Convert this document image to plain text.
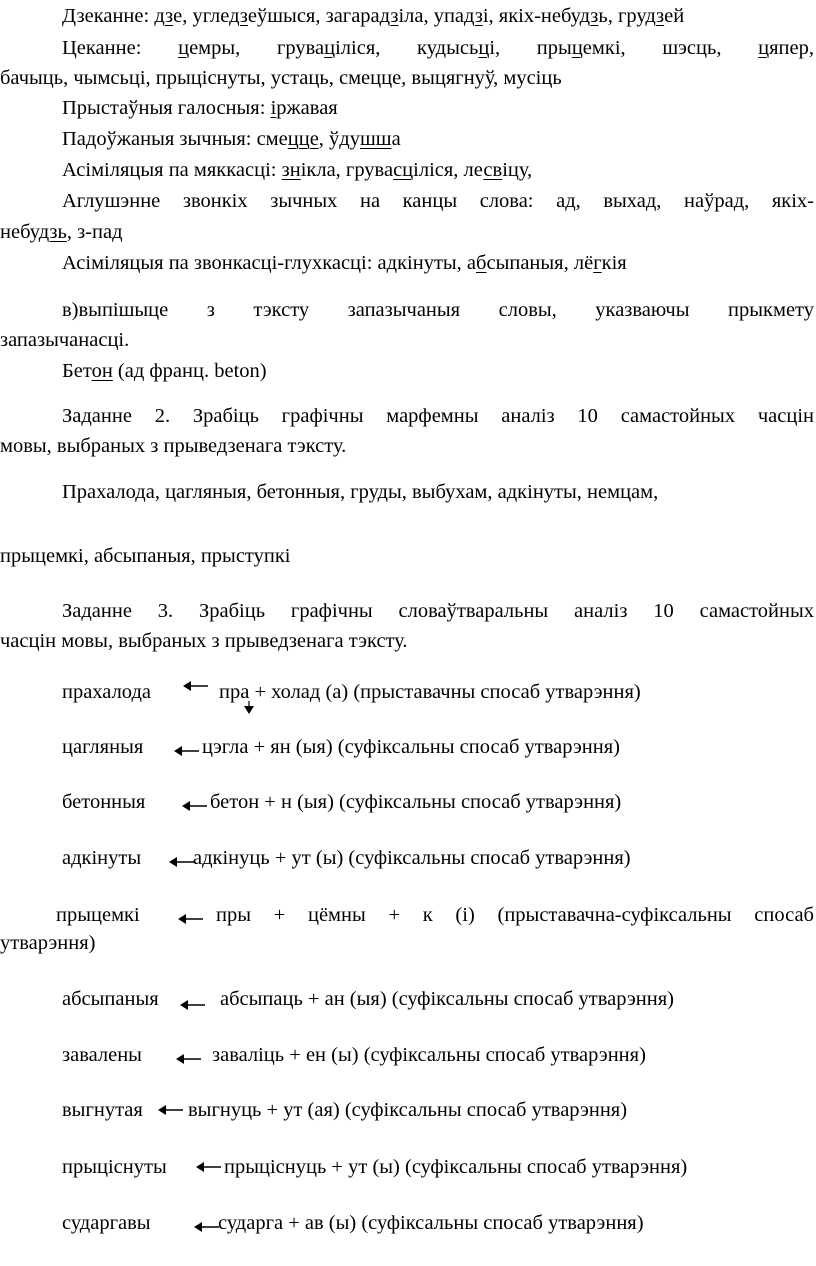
Дзеканне: дзе, угледзеўшыся, загарадзіла, упадзі, якіх-небудзь, грудзей
Цеканне: цемры, груваціліся, кудысьці, прыцемкі, шэсць, цяпер,
бачыць, чымсьці, прыцiснуты, устаць, смецце, выцягнуў, мусiць
Прыстаўныя галосныя: іржавая
Падоўжаныя зычныя: смецце, ўдушша
Асіміляцыя па мяккасці: знікла, грувасціліся, лесвіцу,
Аглушэнне звонкіх зычных на канцы слова: ад, выхад, наўрад, якіх-
небудзь, з-пад
Асіміляцыя па звонкасці-глухкасці: адкінуты, абсыпаныя, лёгкія
в)выпішыце з тэксту запазычаныя словы, указваючы прыкмету
запазычанасці.
Бетон (ад франц. beton)
Заданне 2. Зрабіць графічны марфемны аналіз 10 самастойных часцін
мовы, выбраных з прыведзенага тэксту.
Прахалода, цагляныя, бетонныя, груды, выбухам, адкінуты, немцам,
прыцемкі, абсыпаныя, прыступкі
Заданне 3. Зрабіць графічны словаўтваральны аналіз 10 самастойных
часцін мовы, выбраных з прыведзенага тэксту.
прахалода	пра + холад (а) (прыставачны спосаб утварэння)
цагляныя	цэгла + ян (ыя) (суфіксальны спосаб утварэння)
бетонныя	бетон + н (ыя) (суфіксальны спосаб утварэння)
адкінуты	адкінуць + ут (ы) (суфіксальны спосаб утварэння)
прыцемкі	пры + цёмны + к (і) (прыставачна-суфіксальны спосаб
утварэння)
абсыпаныя	абсыпаць + ан (ыя) (суфіксальны спосаб утварэння)
завалены	заваліць + ен (ы) (суфіксальны спосаб утварэння)
выгнутая выгнуць + ут (ая) (суфіксальны спосаб утварэння)
прыцiснуты	прыцiснуць + ут (ы) (суфіксальны спосаб утварэння)
сударгавы	сударга + ав (ы) (суфіксальны спосаб утварэння)
